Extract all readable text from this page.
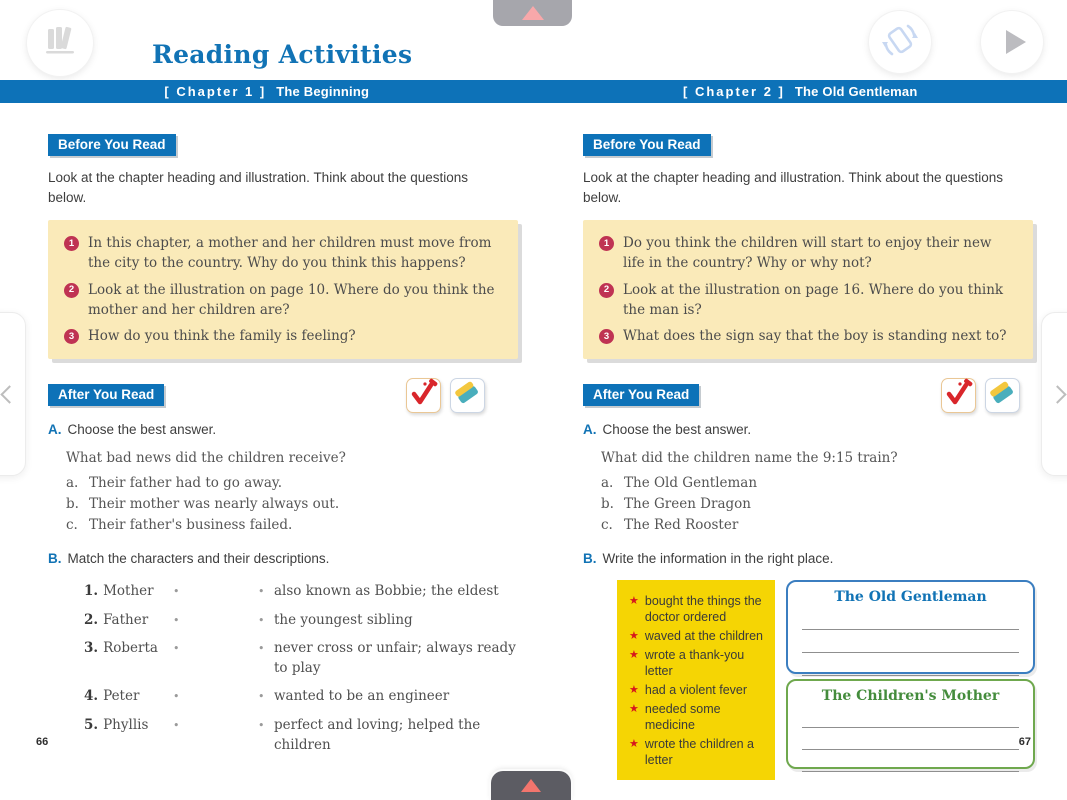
Reading Activities
[ Chapter 1 ] The Beginning	[ Chapter 2 ] The Old Gentleman
Before You Read
Look at the chapter heading and illustration. Think about the questions below.
1	In this chapter, a mother and her children must move from the city to the country. Why do you think this happens?
2	Look at the illustration on page 10. Where do you think the mother and her children are?
3	How do you think the family is feeling?
After You Read
A. Choose the best answer.
What bad news did the children receive?
a. Their father had to go away.
b. Their mother was nearly always out.
c. Their father's business failed.
B. Match the characters and their descriptions.
1. Mother	•	• also known as Bobbie; the eldest
2. Father	•	• the youngest sibling
3. Roberta	•	• never cross or unfair; always ready to play
4. Peter	•	• wanted to be an engineer
5. Phyllis	•	• perfect and loving; helped the children
Before You Read
Look at the chapter heading and illustration. Think about the questions below.
1	Do you think the children will start to enjoy their new life in the country? Why or why not?
2	Look at the illustration on page 16. Where do you think the man is?
3	What does the sign say that the boy is standing next to?
After You Read
A. Choose the best answer.
What did the children name the 9:15 train?
a. The Old Gentleman
b. The Green Dragon
c. The Red Rooster
B. Write the information in the right place.
★ bought the things the doctor ordered
★ waved at the children
★ wrote a thank-you letter
★ had a violent fever
★ needed some medicine
★ wrote the children a letter
The Old Gentleman
The Children's Mother
66	67
